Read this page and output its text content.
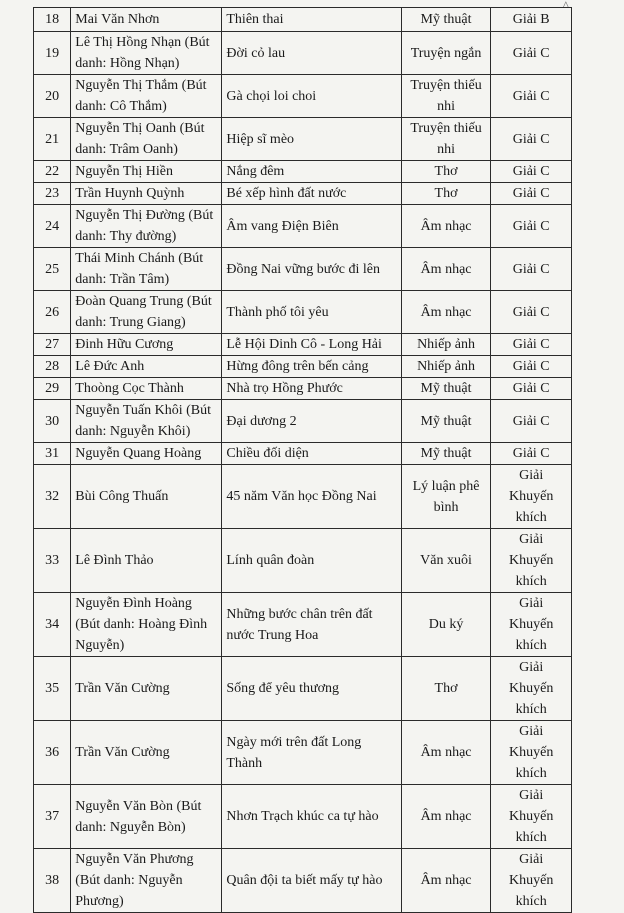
^
18	Mai Văn Nhơn	Thiên thai	Mỹ thuật	Giải B
19	Lê Thị Hồng Nhạn (Bút danh: Hồng Nhạn)	Đời cỏ lau	Truyện ngắn	Giải C
20	Nguyễn Thị Thắm (Bút danh: Cô Thắm)	Gà chọi loi choi	Truyện thiếu nhi	Giải C
21	Nguyễn Thị Oanh (Bút danh: Trâm Oanh)	Hiệp sĩ mèo	Truyện thiếu nhi	Giải C
22	Nguyễn Thị Hiền	Nắng đêm	Thơ	Giải C
23	Trần Huynh Quỳnh	Bé xếp hình đất nước	Thơ	Giải C
24	Nguyễn Thị Đường (Bút danh: Thy đường)	Âm vang Điện Biên	Âm nhạc	Giải C
25	Thái Minh Chánh (Bút danh: Trần Tâm)	Đồng Nai vững bước đi lên	Âm nhạc	Giải C
26	Đoàn Quang Trung (Bút danh: Trung Giang)	Thành phố tôi yêu	Âm nhạc	Giải C
27	Đinh Hữu Cương	Lễ Hội Dinh Cô - Long Hải	Nhiếp ảnh	Giải C
28	Lê Đức Anh	Hừng đông trên bến cảng	Nhiếp ảnh	Giải C
29	Thoòng Cọc Thành	Nhà trọ Hồng Phước	Mỹ thuật	Giải C
30	Nguyễn Tuấn Khôi (Bút danh: Nguyễn Khôi)	Đại dương 2	Mỹ thuật	Giải C
31	Nguyễn Quang Hoàng	Chiều đối diện	Mỹ thuật	Giải C
32	Bùi Công Thuấn	45 năm Văn học Đồng Nai	Lý luận phê bình	Giải Khuyến khích
33	Lê Đình Thảo	Lính quân đoàn	Văn xuôi	Giải Khuyến khích
34	Nguyễn Đình Hoàng (Bút danh: Hoàng Đình Nguyễn)	Những bước chân trên đất nước Trung Hoa	Du ký	Giải Khuyến khích
35	Trần Văn Cường	Sống để yêu thương	Thơ	Giải Khuyến khích
36	Trần Văn Cường	Ngày mới trên đất Long Thành	Âm nhạc	Giải Khuyến khích
37	Nguyễn Văn Bòn (Bút danh: Nguyễn Bòn)	Nhơn Trạch khúc ca tự hào	Âm nhạc	Giải Khuyến khích
38	Nguyễn Văn Phương (Bút danh: Nguyễn Phương)	Quân đội ta biết mấy tự hào	Âm nhạc	Giải Khuyến khích
